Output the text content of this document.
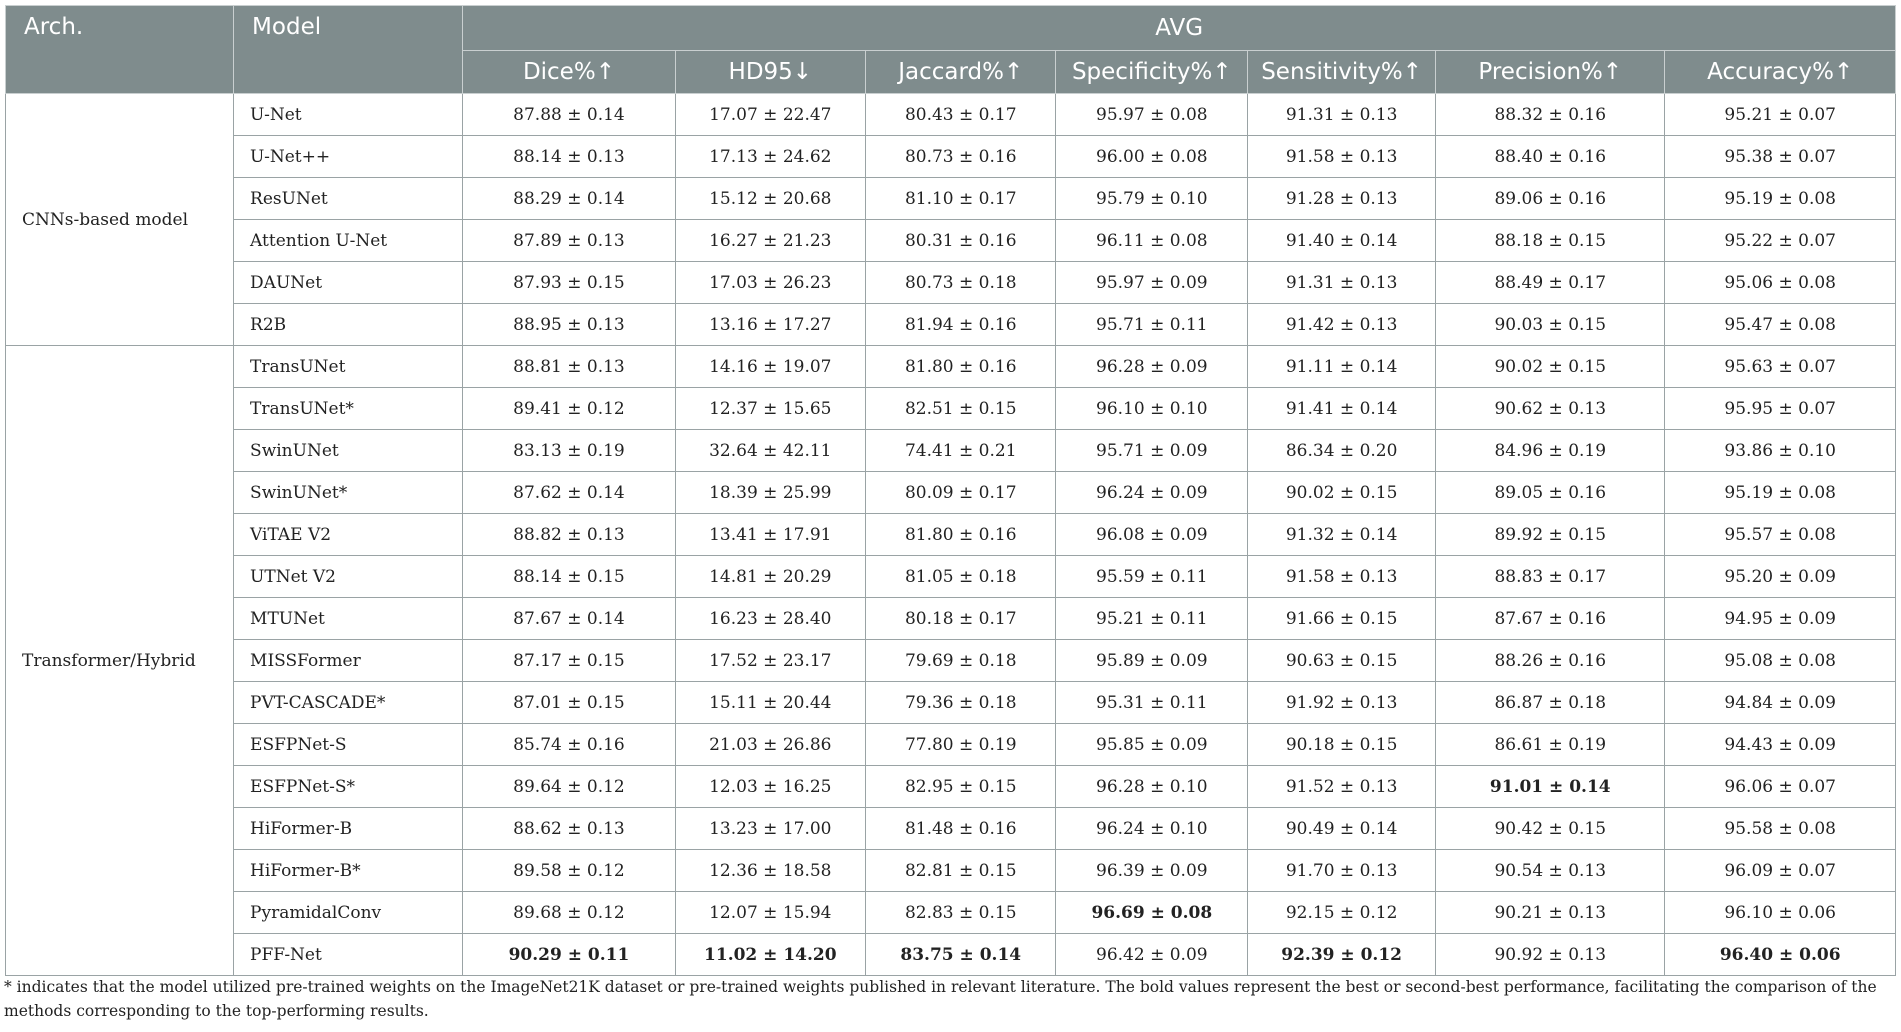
Arch.	Model	AVG						
		Dice%↑	HD95↓	Jaccard%↑	Specificity%↑	Sensitivity%↑	Precision%↑	Accuracy%↑
CNNs-based model	U-Net	87.88 ± 0.14	17.07 ± 22.47	80.43 ± 0.17	95.97 ± 0.08	91.31 ± 0.13	88.32 ± 0.16	95.21 ± 0.07
	U-Net++	88.14 ± 0.13	17.13 ± 24.62	80.73 ± 0.16	96.00 ± 0.08	91.58 ± 0.13	88.40 ± 0.16	95.38 ± 0.07
	ResUNet	88.29 ± 0.14	15.12 ± 20.68	81.10 ± 0.17	95.79 ± 0.10	91.28 ± 0.13	89.06 ± 0.16	95.19 ± 0.08
	Attention U-Net	87.89 ± 0.13	16.27 ± 21.23	80.31 ± 0.16	96.11 ± 0.08	91.40 ± 0.14	88.18 ± 0.15	95.22 ± 0.07
	DAUNet	87.93 ± 0.15	17.03 ± 26.23	80.73 ± 0.18	95.97 ± 0.09	91.31 ± 0.13	88.49 ± 0.17	95.06 ± 0.08
	R2B	88.95 ± 0.13	13.16 ± 17.27	81.94 ± 0.16	95.71 ± 0.11	91.42 ± 0.13	90.03 ± 0.15	95.47 ± 0.08
Transformer/Hybrid	TransUNet	88.81 ± 0.13	14.16 ± 19.07	81.80 ± 0.16	96.28 ± 0.09	91.11 ± 0.14	90.02 ± 0.15	95.63 ± 0.07
	TransUNet*	89.41 ± 0.12	12.37 ± 15.65	82.51 ± 0.15	96.10 ± 0.10	91.41 ± 0.14	90.62 ± 0.13	95.95 ± 0.07
	SwinUNet	83.13 ± 0.19	32.64 ± 42.11	74.41 ± 0.21	95.71 ± 0.09	86.34 ± 0.20	84.96 ± 0.19	93.86 ± 0.10
	SwinUNet*	87.62 ± 0.14	18.39 ± 25.99	80.09 ± 0.17	96.24 ± 0.09	90.02 ± 0.15	89.05 ± 0.16	95.19 ± 0.08
	ViTAE V2	88.82 ± 0.13	13.41 ± 17.91	81.80 ± 0.16	96.08 ± 0.09	91.32 ± 0.14	89.92 ± 0.15	95.57 ± 0.08
	UTNet V2	88.14 ± 0.15	14.81 ± 20.29	81.05 ± 0.18	95.59 ± 0.11	91.58 ± 0.13	88.83 ± 0.17	95.20 ± 0.09
	MTUNet	87.67 ± 0.14	16.23 ± 28.40	80.18 ± 0.17	95.21 ± 0.11	91.66 ± 0.15	87.67 ± 0.16	94.95 ± 0.09
	MISSFormer	87.17 ± 0.15	17.52 ± 23.17	79.69 ± 0.18	95.89 ± 0.09	90.63 ± 0.15	88.26 ± 0.16	95.08 ± 0.08
	PVT-CASCADE*	87.01 ± 0.15	15.11 ± 20.44	79.36 ± 0.18	95.31 ± 0.11	91.92 ± 0.13	86.87 ± 0.18	94.84 ± 0.09
	ESFPNet-S	85.74 ± 0.16	21.03 ± 26.86	77.80 ± 0.19	95.85 ± 0.09	90.18 ± 0.15	86.61 ± 0.19	94.43 ± 0.09
	ESFPNet-S*	89.64 ± 0.12	12.03 ± 16.25	82.95 ± 0.15	96.28 ± 0.10	91.52 ± 0.13	91.01 ± 0.14	96.06 ± 0.07
	HiFormer-B	88.62 ± 0.13	13.23 ± 17.00	81.48 ± 0.16	96.24 ± 0.10	90.49 ± 0.14	90.42 ± 0.15	95.58 ± 0.08
	HiFormer-B*	89.58 ± 0.12	12.36 ± 18.58	82.81 ± 0.15	96.39 ± 0.09	91.70 ± 0.13	90.54 ± 0.13	96.09 ± 0.07
	PyramidalConv	89.68 ± 0.12	12.07 ± 15.94	82.83 ± 0.15	96.69 ± 0.08	92.15 ± 0.12	90.21 ± 0.13	96.10 ± 0.06
	PFF-Net	90.29 ± 0.11	11.02 ± 14.20	83.75 ± 0.14	96.42 ± 0.09	92.39 ± 0.12	90.92 ± 0.13	96.40 ± 0.06
* indicates that the model utilized pre-trained weights on the ImageNet21K dataset or pre-trained weights published in relevant literature. The bold values represent the best or second-best performance, facilitating the comparison of the methods corresponding to the top-performing results.
